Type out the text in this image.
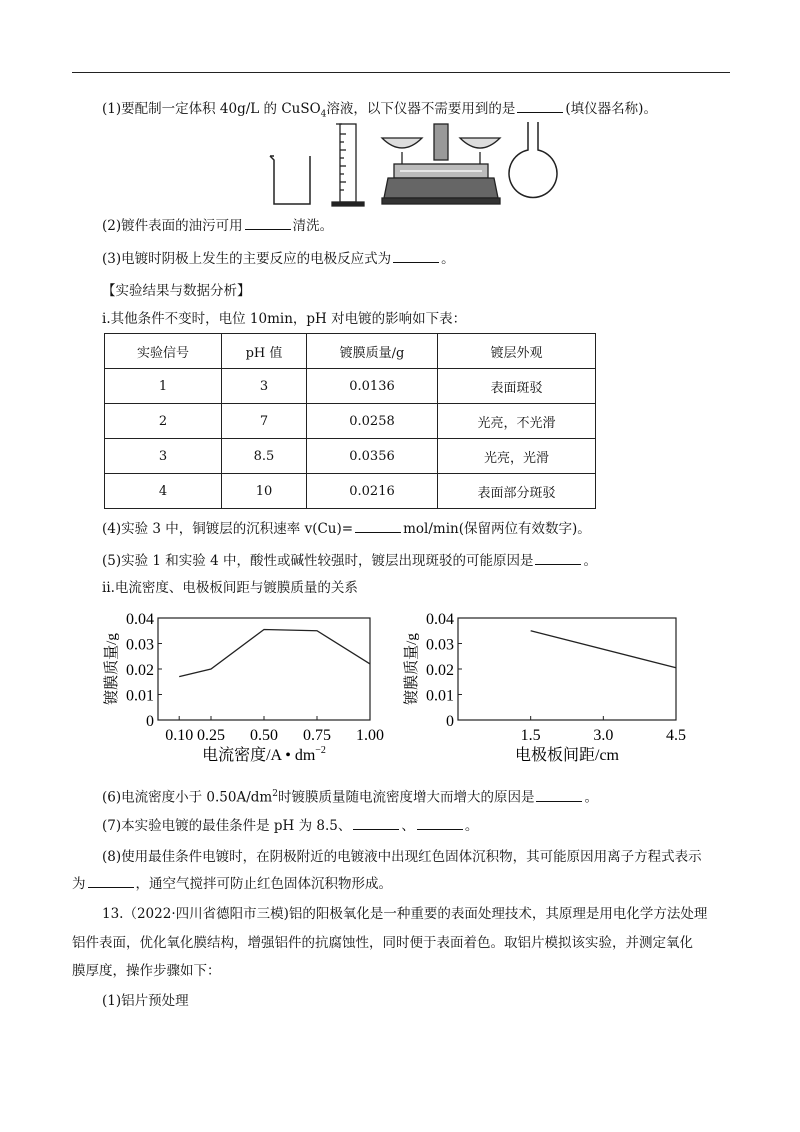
(1)要配制一定体积 40g/L 的 CuSO$_4$溶液，以下仪器不需要用到的是	(填仪器名称)。
(2)镀件表面的油污可用	清洗。
(3)电镀时阴极上发生的主要反应的电极反应式为	。
【实验结果与数据分析】
ⅰ.其他条件不变时，电位 10min，pH 对电镀的影响如下表：
实验信号	pH 值	镀膜质量/g	镀层外观
1	3	0.0136	表面斑驳
2	7	0.0258	光亮，不光滑
3	8.5	0.0356	光亮，光滑
4	10	0.0216	表面部分斑驳
(4)实验 3 中，铜镀层的沉积速率 v(Cu)=	mol/min(保留两位有效数字)。
(5)实验 1 和实验 4 中，酸性或碱性较强时，镀层出现斑驳的可能原因是	。
ⅱ.电流密度、电极板间距与镀膜质量的关系
0
0.01
0.02
0.03
0.04
0.10 0.25 0.50 0.75 1.00
镀膜质量/g
电流密度/A • $dm^{-2}$
0
0.01
0.02
0.03
0.04
1.5	3.0	4.5
镀膜质量/g
电极板间距/cm
(6)电流密度小于 $0.50A/dm^2$时镀膜质量随电流密度增大而增大的原因是	。
(7)本实验电镀的最佳条件是 pH 为 8.5、	、	。
(8)使用最佳条件电镀时，在阴极附近的电镀液中出现红色固体沉积物，其可能原因用离子方程式表示
为	，通空气搅拌可防止红色固体沉积物形成。
13.（2022·四川省德阳市三模)铝的阳极氧化是一种重要的表面处理技术，其原理是用电化学方法处理
铝件表面，优化氧化膜结构，增强铝件的抗腐蚀性，同时便于表面着色。取铝片模拟该实验，并测定氧化
膜厚度，操作步骤如下：
(1)铝片预处理
